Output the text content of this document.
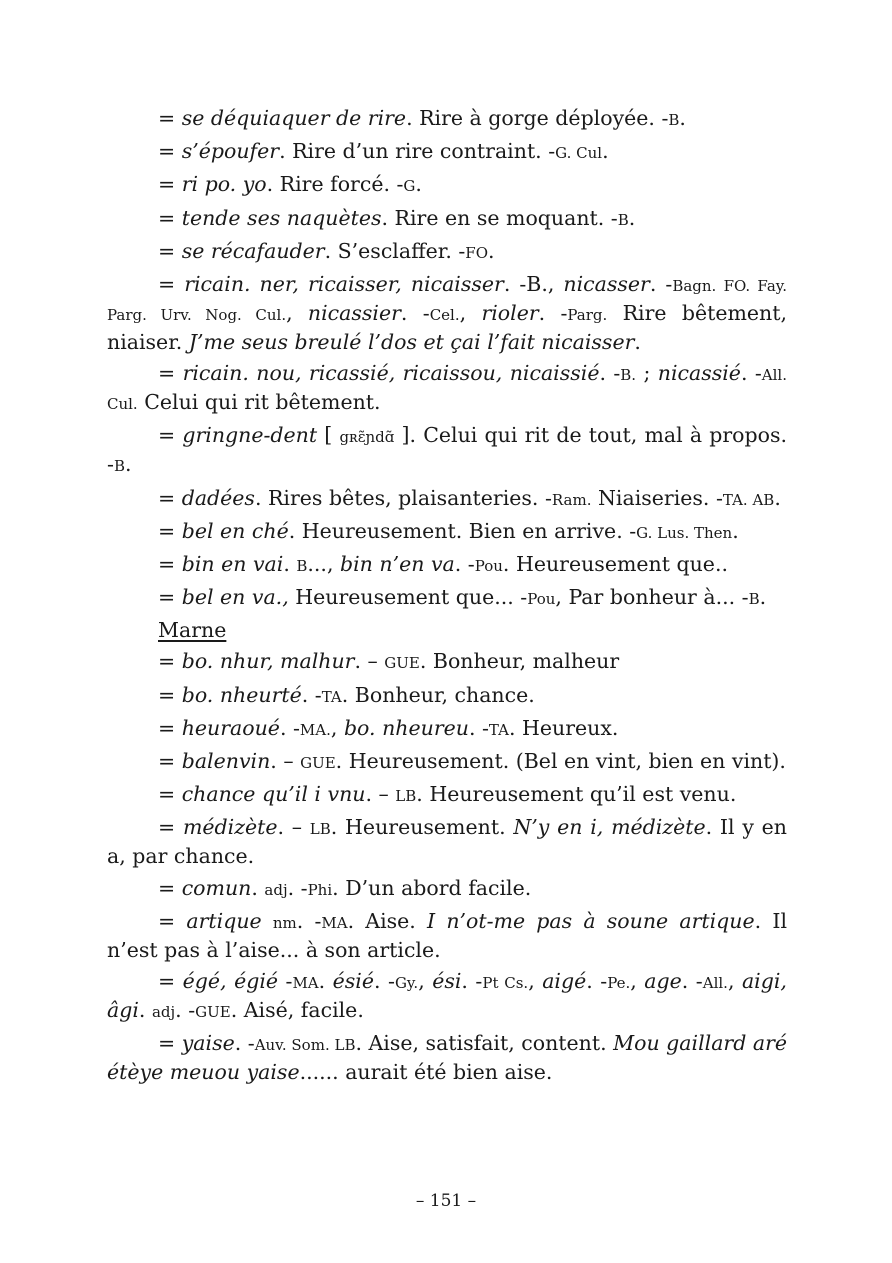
= se déquiaquer de rire. Rire à gorge déployée. -B.

= s’époufer. Rire d’un rire contraint. -G. Cul.

= ri po. yo. Rire forcé. -G.

= tende ses naquètes. Rire en se moquant. -B.

= se récafauder. S’esclaffer. -FO.

= ricain. ner, ricaisser, nicaisser. -B., nicasser. -Bagn. FO. Fay. Parg. Urv. Nog. Cul., nicassier. -Cel., rioler. -Parg. Rire bêtement, niaiser. J’me seus breulé l’dos et çai l’fait nicaisser.

= ricain. nou, ricassié, ricaissou, nicaissié. -B. ; nicassié. -All. Cul. Celui qui rit bêtement.

= gringne-dent [ gʀɛ̃ɲdɑ̃ ]. Celui qui rit de tout, mal à propos. -B.

= dadées. Rires bêtes, plaisanteries. -Ram. Niaiseries. -TA. AB.

= bel en ché. Heureusement. Bien en arrive. -G. Lus. Then.

= bin en vai. B..., bin n’en va. -Pou. Heureusement que..

= bel en va., Heureusement que... -Pou, Par bonheur à... -B.

Marne

= bo. nhur, malhur. – GUE. Bonheur, malheur

= bo. nheurté. -TA. Bonheur, chance.

= heuraoué. -MA., bo. nheureu. -TA. Heureux.

= balenvin. – GUE. Heureusement. (Bel en vint, bien en vint).

= chance qu’il i vnu. – LB. Heureusement qu’il est venu.

= médizète. – LB. Heureusement. N’y en i, médizète. Il y en a, par chance.

= comun. adj. -Phi. D’un abord facile.

= artique nm. -MA. Aise. I n’ot-me pas à soune artique. Il n’est pas à l’aise... à son article.

= égé, égié -MA. ésié. -Gy., ési. -Pt Cs., aigé. -Pe., age. -All., aigi, âgi. adj. -GUE. Aisé, facile.

= yaise. -Auv. Som. LB. Aise, satisfait, content. Mou gaillard aré étèye meuou yaise...... aurait été bien aise.

– 151 –
